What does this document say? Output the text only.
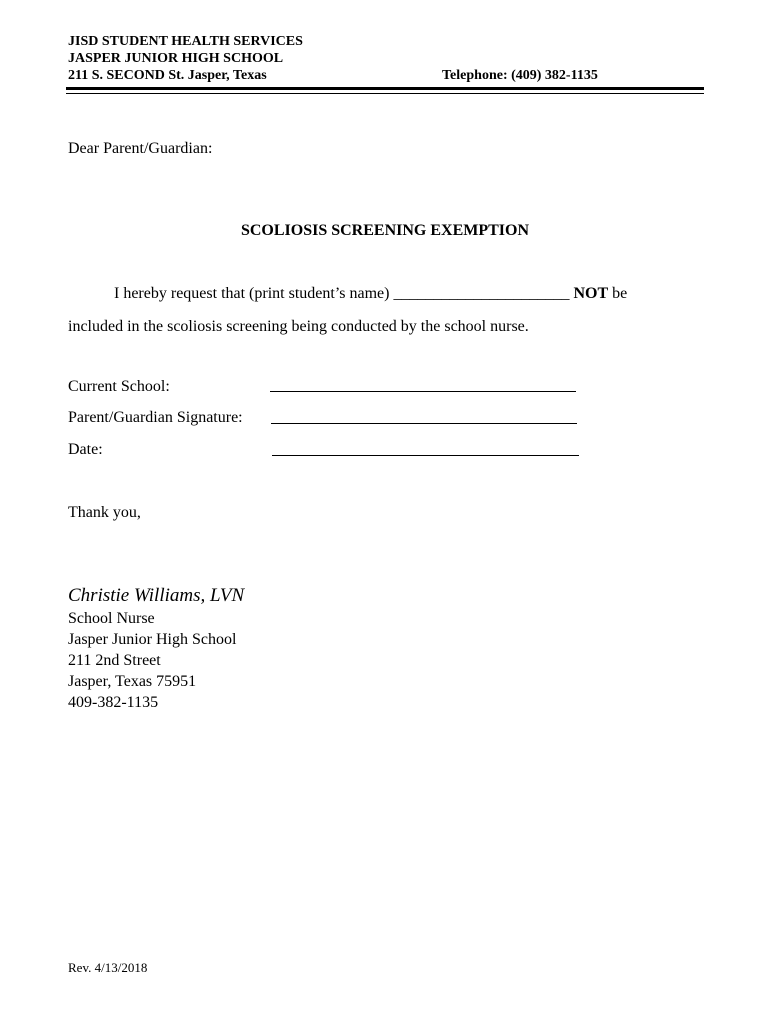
JISD STUDENT HEALTH SERVICES
JASPER JUNIOR HIGH SCHOOL
211 S. SECOND St. Jasper, Texas	Telephone: (409) 382-1135
Dear Parent/Guardian:
SCOLIOSIS SCREENING EXEMPTION
I hereby request that (print student’s name) ______________________ NOT be
included in the scoliosis screening being conducted by the school nurse.
Current School:
Parent/Guardian Signature:
Date:
Thank you,
Christie Williams, LVN
School Nurse
Jasper Junior High School
211 2nd Street
Jasper, Texas 75951
409-382-1135
Rev. 4/13/2018
